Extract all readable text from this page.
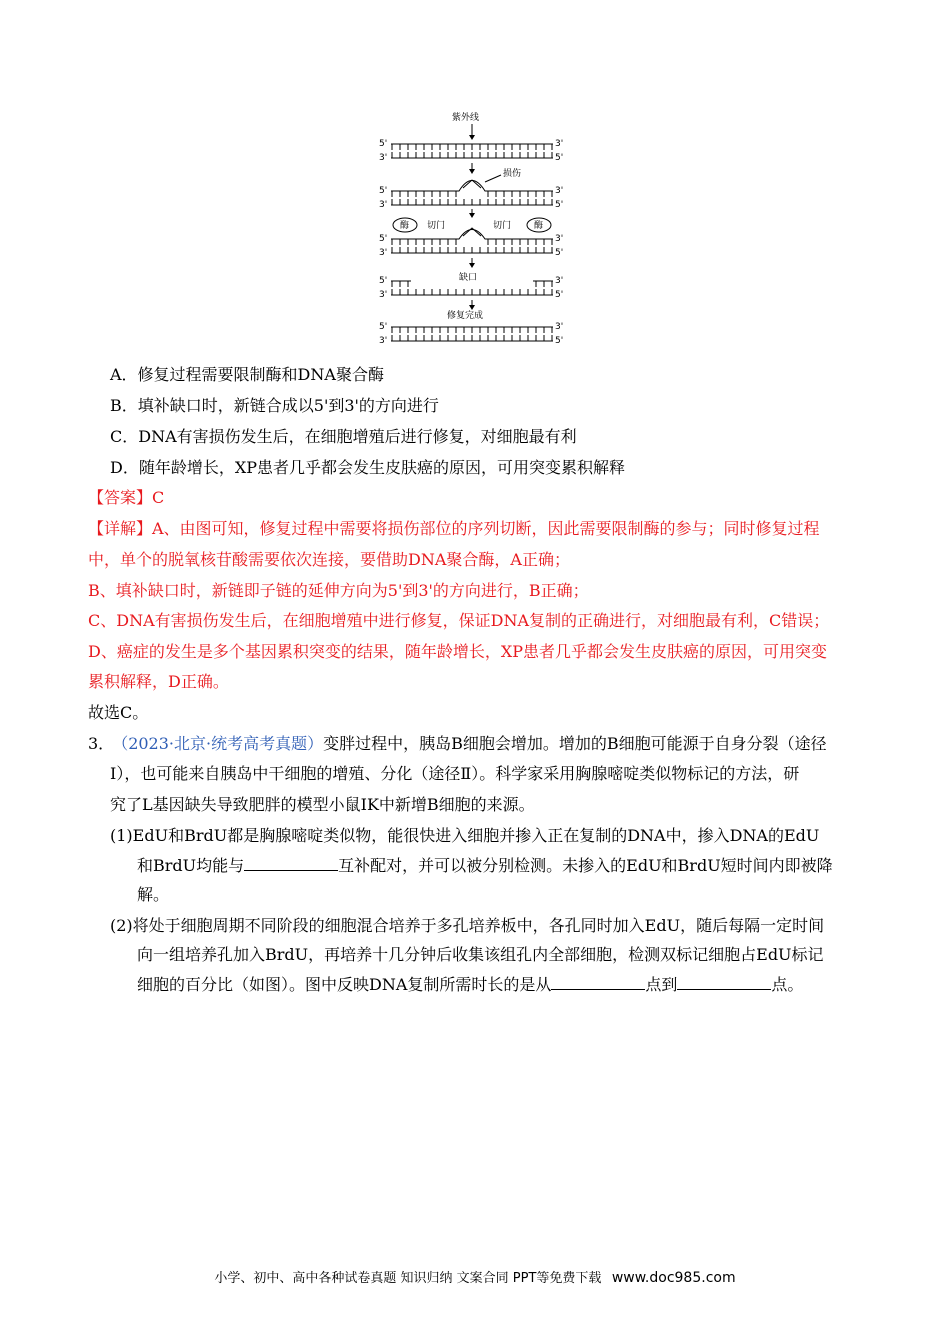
紫外线
5'
3'
3'
5'
5'
3'
3'
5'
损伤
酶	酶
切门	切门
5'
3'
3'
5'
5'
3'
缺口	3'
5'
修复完成
5'
3'
3'
5'
A．修复过程需要限制酶和DNA聚合酶
B．填补缺口时，新链合成以5'到3'的方向进行
C．DNA有害损伤发生后，在细胞增殖后进行修复，对细胞最有利
D．随年龄增长，XP患者几乎都会发生皮肤癌的原因，可用突变累积解释
【答案】C
【详解】A、由图可知，修复过程中需要将损伤部位的序列切断，因此需要限制酶的参与；同时修复过程
中，单个的脱氧核苷酸需要依次连接，要借助DNA聚合酶，A正确；
B、填补缺口时，新链即子链的延伸方向为5'到3'的方向进行，B正确；
C、DNA有害损伤发生后，在细胞增殖中进行修复，保证DNA复制的正确进行，对细胞最有利，C错误；
D、癌症的发生是多个基因累积突变的结果，随年龄增长，XP患者几乎都会发生皮肤癌的原因，可用突变
累积解释，D正确。
故选C。
3． （2023·北京·统考高考真题）变胖过程中，胰岛B细胞会增加。增加的B细胞可能源于自身分裂（途径
Ⅰ），也可能来自胰岛中干细胞的增殖、分化（途径Ⅱ）。科学家采用胸腺嘧啶类似物标记的方法，研
究了L基因缺失导致肥胖的模型小鼠IK中新增B细胞的来源。
(1)EdU和BrdU都是胸腺嘧啶类似物，能很快进入细胞并掺入正在复制的DNA中，掺入DNA的EdU
和BrdU均能与	互补配对，并可以被分别检测。未掺入的EdU和BrdU短时间内即被降
解。
(2)将处于细胞周期不同阶段的细胞混合培养于多孔培养板中，各孔同时加入EdU，随后每隔一定时间
向一组培养孔加入BrdU，再培养十几分钟后收集该组孔内全部细胞，检测双标记细胞占EdU标记
细胞的百分比（如图）。图中反映DNA复制所需时长的是从	点到	点。
小学、初中、高中各种试卷真题 知识归纳 文案合同 PPT等免费下载 www.doc985.com
